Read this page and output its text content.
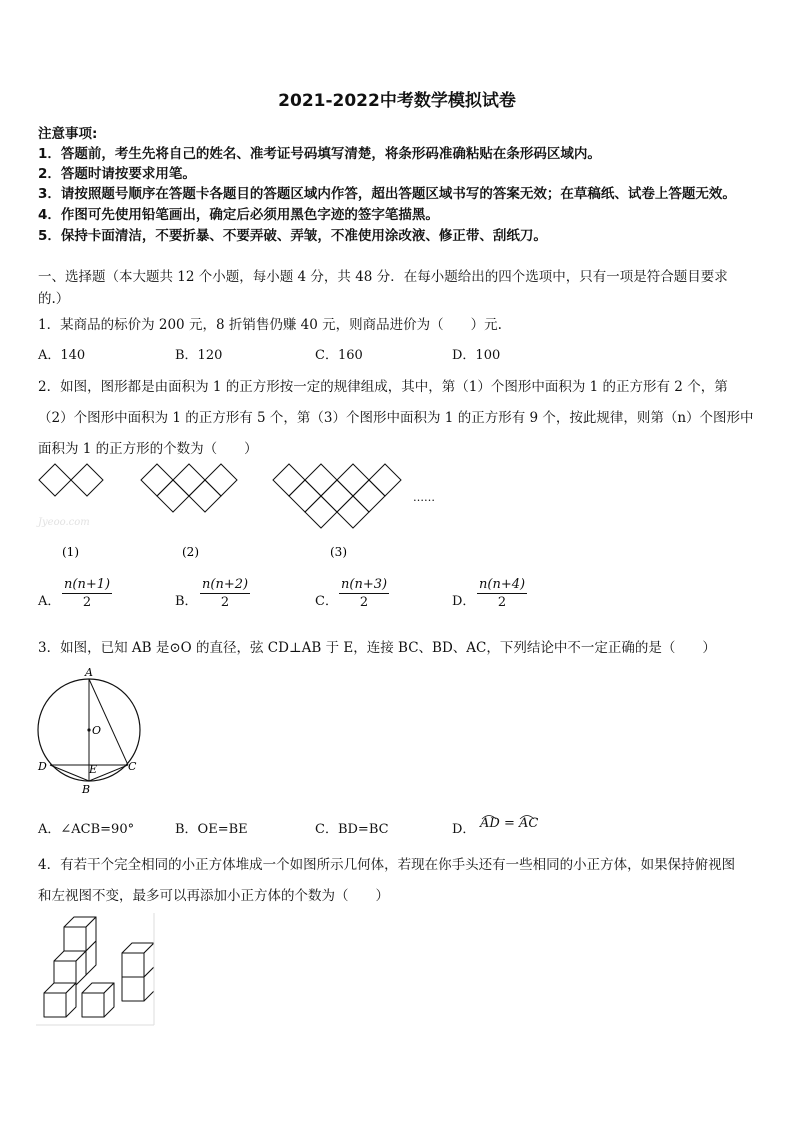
2021-2022中考数学模拟试卷
注意事项:
1．答题前，考生先将自己的姓名、准考证号码填写清楚，将条形码准确粘贴在条形码区域内。
2．答题时请按要求用笔。
3．请按照题号顺序在答题卡各题目的答题区域内作答，超出答题区域书写的答案无效；在草稿纸、试卷上答题无效。
4．作图可先使用铅笔画出，确定后必须用黑色字迹的签字笔描黑。
5．保持卡面清洁，不要折暴、不要弄破、弄皱，不准使用涂改液、修正带、刮纸刀。
一、选择题（本大题共 12 个小题，每小题 4 分，共 48 分．在每小题给出的四个选项中，只有一项是符合题目要求
的.）
1．某商品的标价为 200 元，8 折销售仍赚 40 元，则商品进价为（　　）元.
A．140	B．120	C．160	D．100
2．如图，图形都是由面积为 1 的正方形按一定的规律组成，其中，第（1）个图形中面积为 1 的正方形有 2 个，第
（2）个图形中面积为 1 的正方形有 5 个，第（3）个图形中面积为 1 的正方形有 9 个，按此规律，则第（n）个图形中
面积为 1 的正方形的个数为（　　）
……
Jyeoo.com
(1)	(2)	(3)
A． $\frac{n(n+1)}{2}$	B． $\frac{n(n+2)}{2}$	C． $\frac{n(n+3)}{2}$	D． $\frac{n(n+4)}{2}$
3．如图，已知 AB 是⊙O 的直径，弦 CD⊥AB 于 E，连接 BC、BD、AC，下列结论中不一定正确的是（　　）
A
O
D	E	C
B
A．∠ACB=90°	B．OE=BE	C．BD=BC	D． AD = AC
4．有若干个完全相同的小正方体堆成一个如图所示几何体，若现在你手头还有一些相同的小正方体，如果保持俯视图
和左视图不变，最多可以再添加小正方体的个数为（　　）
